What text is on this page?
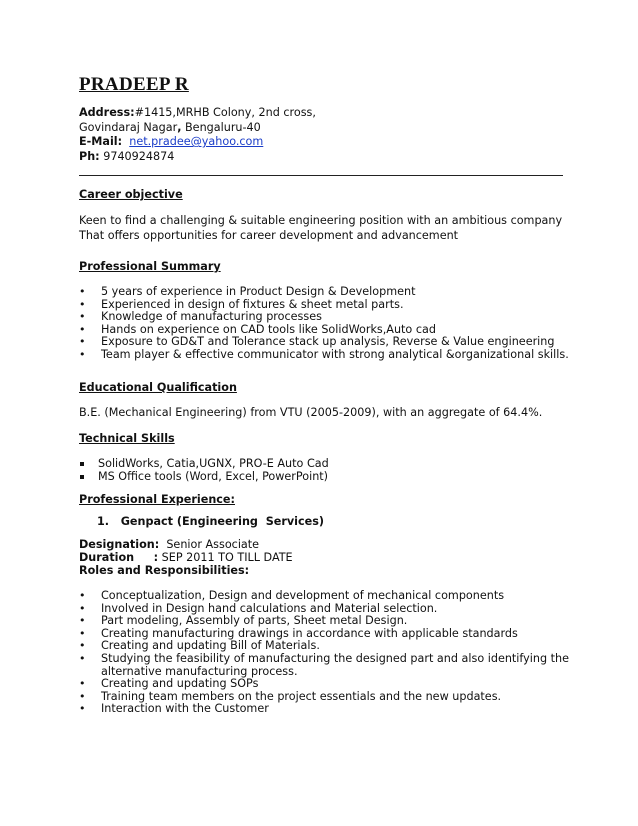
PRADEEP R
Address:#1415,MRHB Colony, 2nd cross,
Govindaraj Nagar, Bengaluru-40
E-Mail: net.pradee@yahoo.com
Ph: 9740924874
Career objective
Keen to find a challenging & suitable engineering position with an ambitious company
That offers opportunities for career development and advancement
Professional Summary
•
5 years of experience in Product Design & Development
•
Experienced in design of fixtures & sheet metal parts.
•
Knowledge of manufacturing processes
•
Hands on experience on CAD tools like SolidWorks,Auto cad
•
Exposure to GD&T and Tolerance stack up analysis, Reverse & Value engineering
•
Team player & effective communicator with strong analytical &organizational skills.
Educational Qualification
B.E. (Mechanical Engineering) from VTU (2005-2009), with an aggregate of 64.4%.
Technical Skills
SolidWorks, Catia,UGNX, PRO-E Auto Cad
MS Office tools (Word, Excel, PowerPoint)
Professional Experience:
1.   Genpact (Engineering  Services)
Designation: Senior Associate
Duration     : SEP 2011 TO TILL DATE
Roles and Responsibilities:
•
Conceptualization, Design and development of mechanical components
•
Involved in Design hand calculations and Material selection.
•
Part modeling, Assembly of parts, Sheet metal Design.
•
Creating manufacturing drawings in accordance with applicable standards
•
Creating and updating Bill of Materials.
•
Studying the feasibility of manufacturing the designed part and also identifying the alternative manufacturing process.
•
Creating and updating SOPs
•
Training team members on the project essentials and the new updates.
•
Interaction with the Customer
